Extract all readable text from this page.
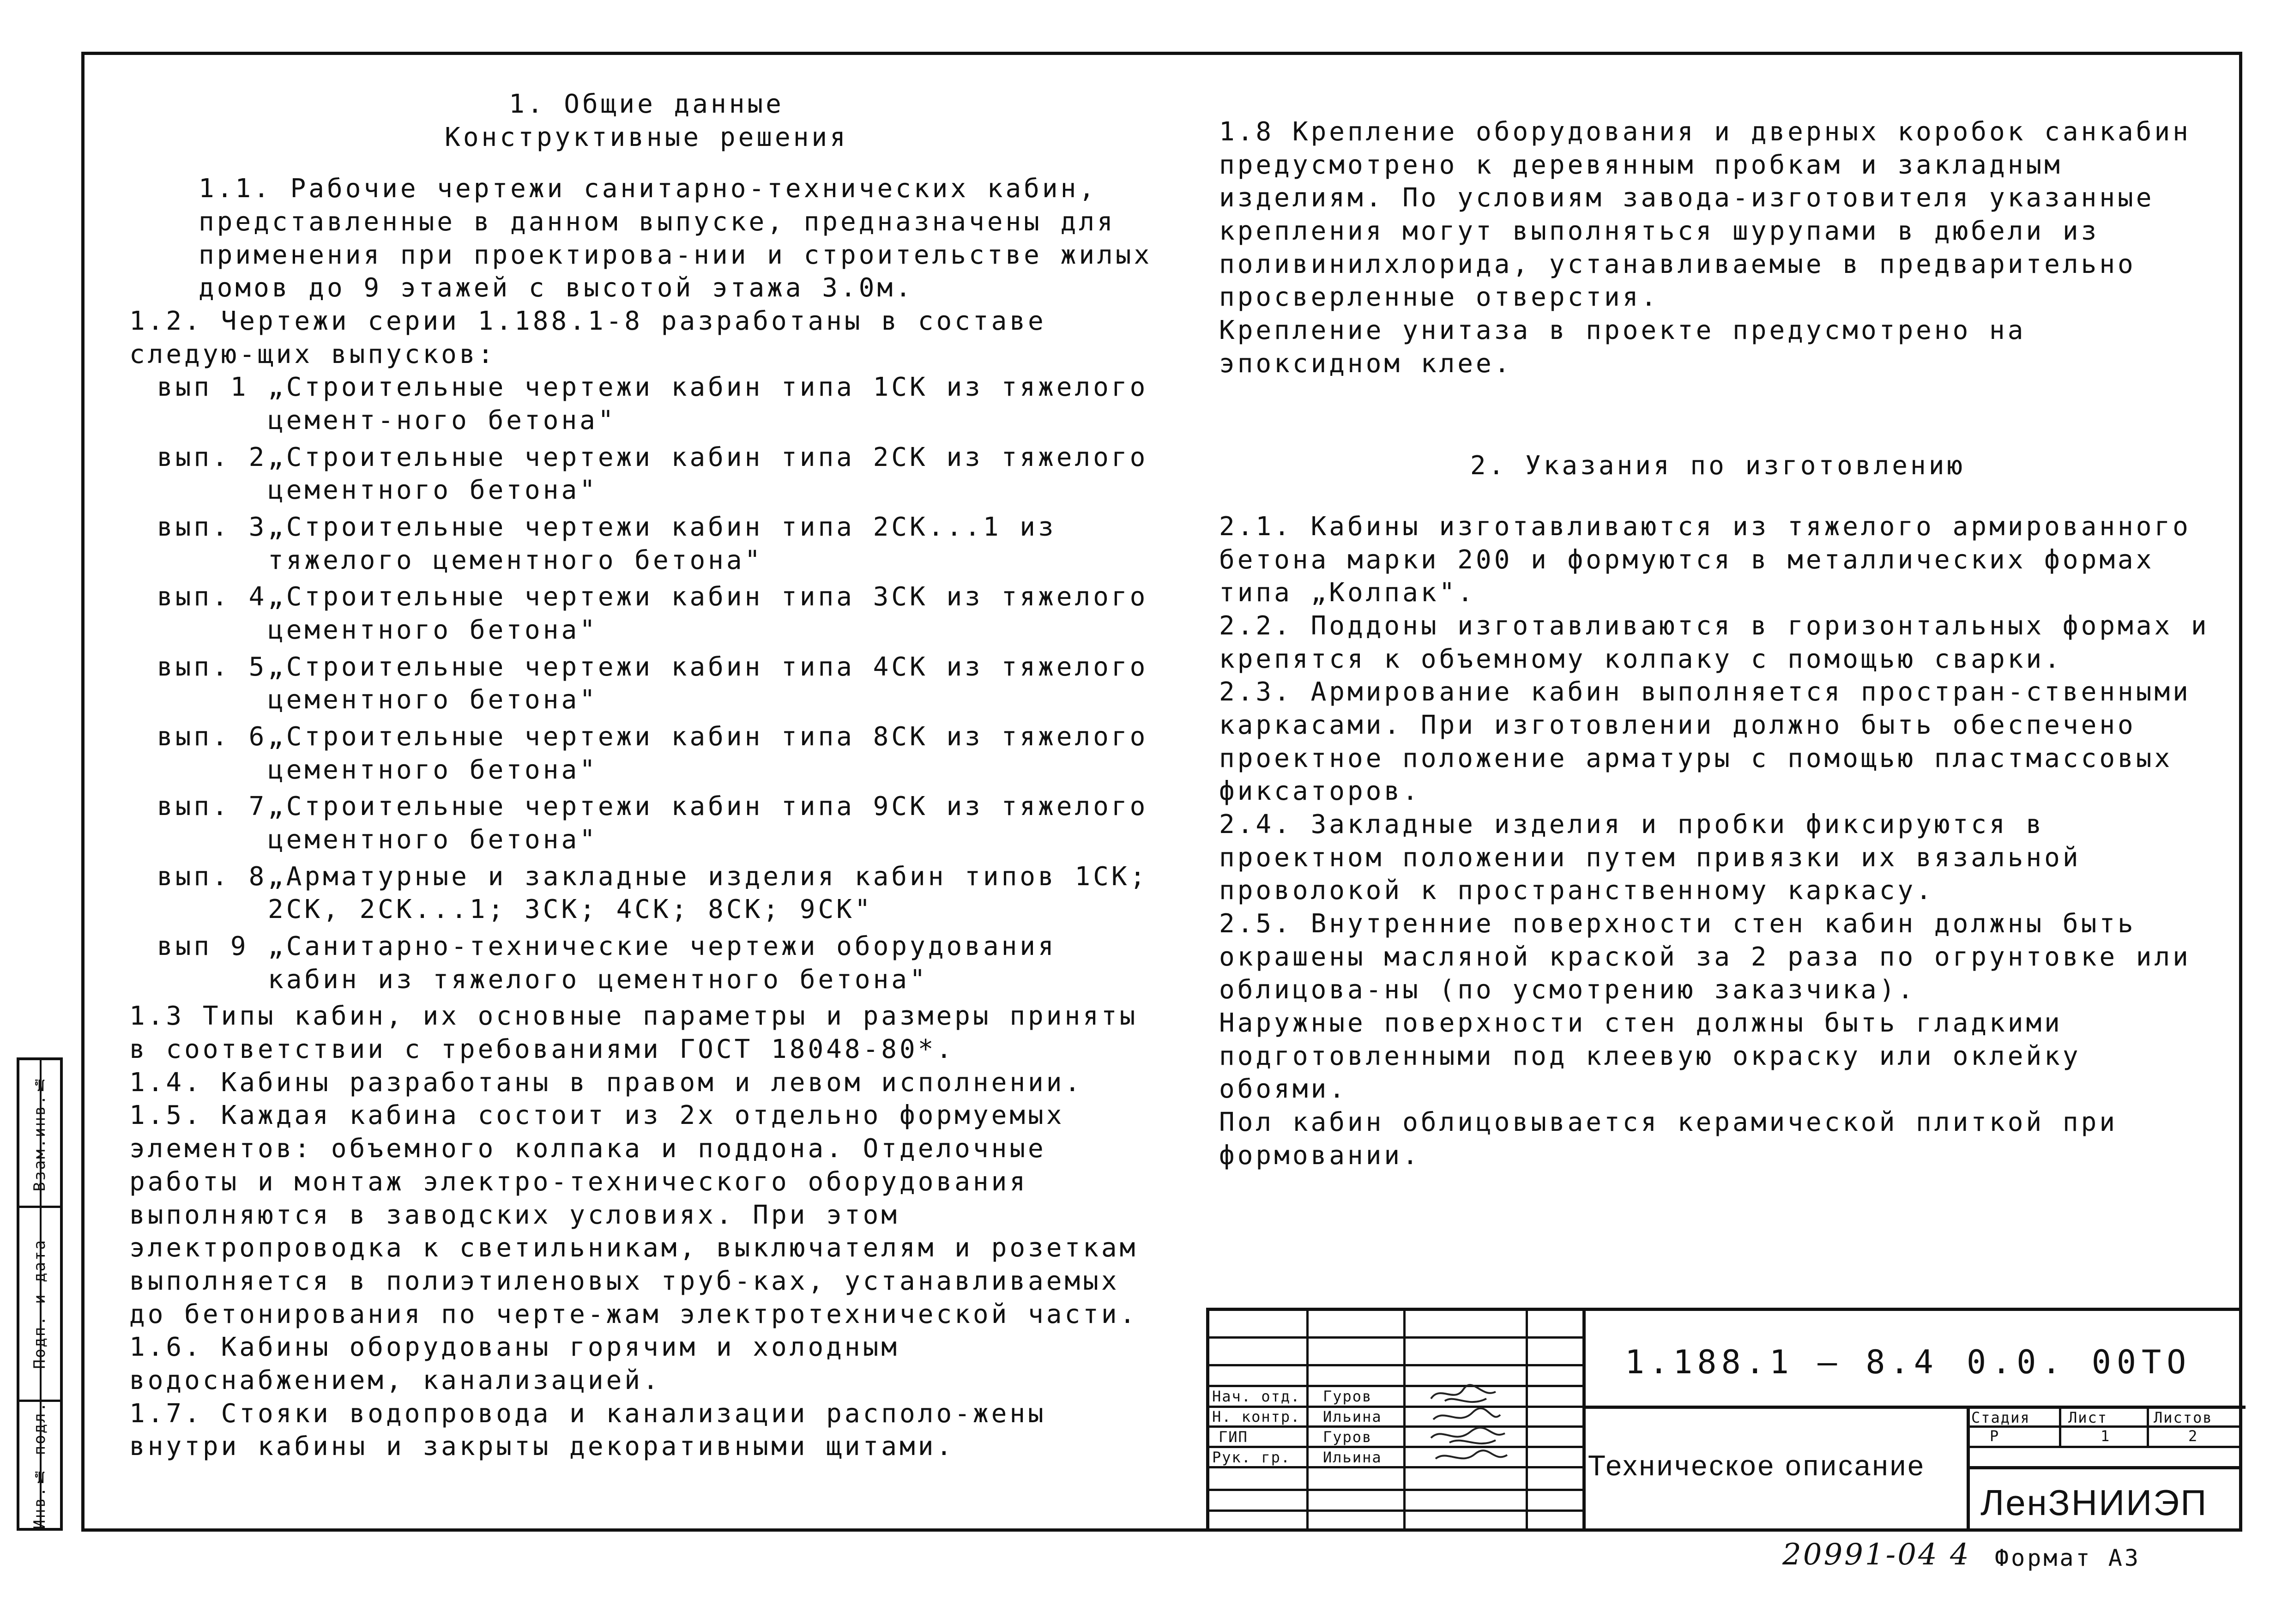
Взам.инв.№
Подп. и дата
Инв.№ подл.

1. Общие данные

Конструктивные решения

1.1. Рабочие чертежи санитарно-технических кабин, представленные в данном выпуске, предназначены для применения при проектирова-нии и строительстве жилых домов до 9 этажей с высотой этажа 3.0м.

1.2. Чертежи серии 1.188.1-8 разработаны в составе следую-щих выпусков:

вып 1 „Строительные чертежи кабин типа 1СК из тяжелого цемент-ного бетона"
вып. 2 „Строительные чертежи кабин типа 2СК из тяжелого цементного бетона"
вып. 3 „Строительные чертежи кабин типа 2СК...1 из тяжелого цементного бетона"
вып. 4 „Строительные чертежи кабин типа 3СК из тяжелого цементного бетона"
вып. 5 „Строительные чертежи кабин типа 4СК из тяжелого цементного бетона"
вып. 6 „Строительные чертежи кабин типа 8СК из тяжелого цементного бетона"
вып. 7 „Строительные чертежи кабин типа 9СК из тяжелого цементного бетона"
вып. 8 „Арматурные и закладные изделия кабин типов 1СК; 2СК, 2СК...1; 3СК; 4СК; 8СК; 9СК"
вып 9 „Санитарно-технические чертежи оборудования кабин из тяжелого цементного бетона"

1.3 Типы кабин, их основные параметры и размеры приняты в соответствии с требованиями ГОСТ 18048-80*.

1.4. Кабины разработаны в правом и левом исполнении.

1.5. Каждая кабина состоит из 2х отдельно формуемых элементов: объемного колпака и поддона. Отделочные работы и монтаж электро-технического оборудования выполняются в заводских условиях. При этом электропроводка к светильникам, выключателям и розеткам выполняется в полиэтиленовых труб-ках, устанавливаемых до бетонирования по черте-жам электротехнической части.

1.6. Кабины оборудованы горячим и холодным водоснабжением, канализацией.

1.7. Стояки водопровода и канализации располо-жены внутри кабины и закрыты декоративными щитами.

1.8 Крепление оборудования и дверных коробок санкабин предусмотрено к деревянным пробкам и закладным изделиям. По условиям завода-изготовителя указанные крепления могут выполняться шурупами в дюбели из поливинилхлорида, устанавливаемые в предварительно просверленные отверстия.

Крепление унитаза в проекте предусмотрено на эпоксидном клее.

2. Указания по изготовлению

2.1. Кабины изготавливаются из тяжелого армированного бетона марки 200 и формуются в металлических формах типа „Колпак".

2.2. Поддоны изготавливаются в горизонтальных формах и крепятся к объемному колпаку с помощью сварки.

2.3. Армирование кабин выполняется простран-ственными каркасами. При изготовлении должно быть обеспечено проектное положение арматуры с помощью пластмассовых фиксаторов.

2.4. Закладные изделия и пробки фиксируются в проектном положении путем привязки их вязальной проволокой к пространственному каркасу.

2.5. Внутренние поверхности стен кабин должны быть окрашены масляной краской за 2 раза по огрунтовке или облицова-ны (по усмотрению заказчика).

Наружные поверхности стен должны быть гладкими подготовленными под клеевую окраску или оклейку обоями.

Пол кабин облицовывается керамической плиткой при формовании.

Нач. отд. Гуров
Н. контр. Ильина
ГИП	Гуров
Рук. гр. Ильина
1.188.1 — 8.4 0.0. 00ТО
Техническое описание
Стадия	Лист	Листов
Р	1	2
ЛенЗНИИЭП
20991-04 4 Формат А3
